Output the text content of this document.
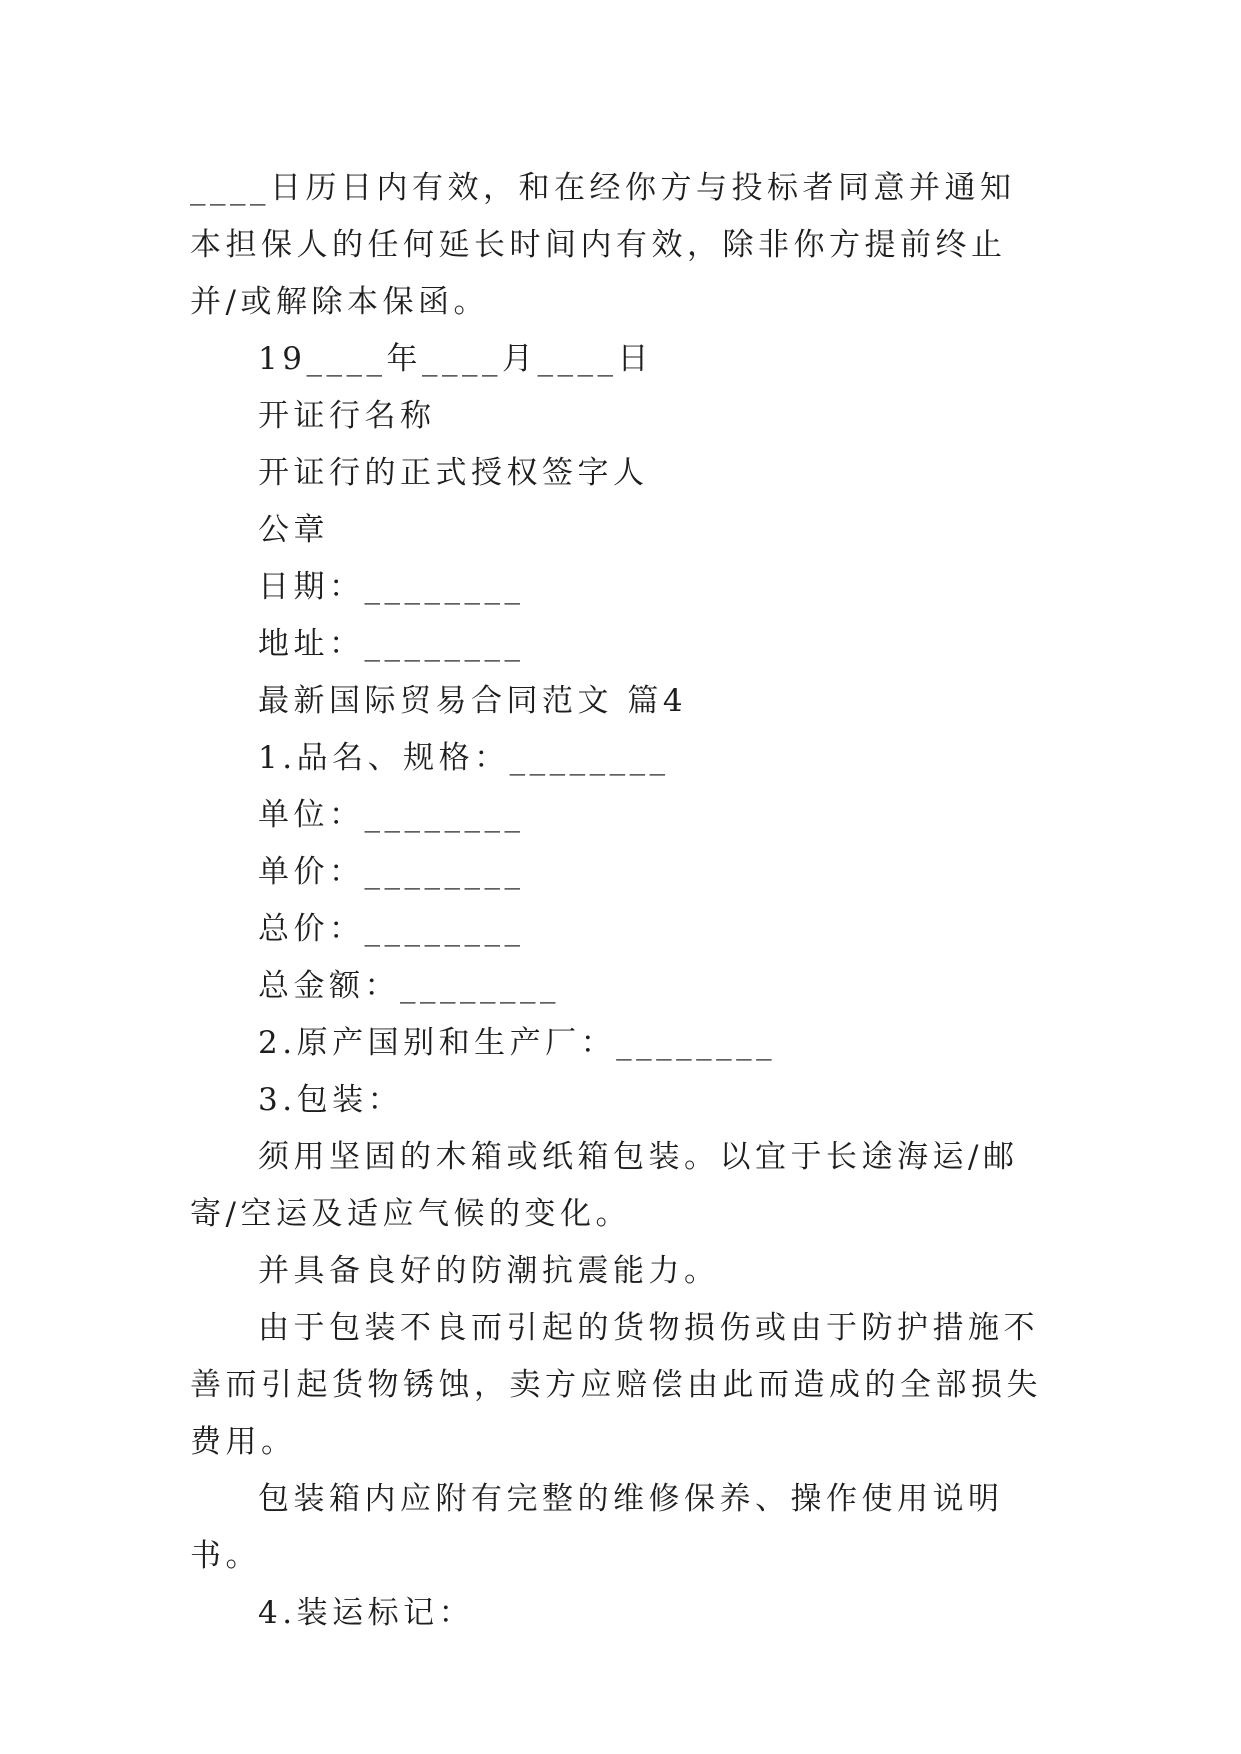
____日历日内有效，和在经你方与投标者同意并通知本担保人的任何延长时间内有效，除非你方提前终止并/或解除本保函。

19____年____月____日

开证行名称

开证行的正式授权签字人

公章

日期：________

地址：________

最新国际贸易合同范文 篇4

1.品名、规格：________

单位：________

单价：________

总价：________

总金额：________

2.原产国别和生产厂：________

3.包装：

须用坚固的木箱或纸箱包装。以宜于长途海运/邮寄/空运及适应气候的变化。

并具备良好的防潮抗震能力。

由于包装不良而引起的货物损伤或由于防护措施不善而引起货物锈蚀，卖方应赔偿由此而造成的全部损失费用。

包装箱内应附有完整的维修保养、操作使用说明书。

4.装运标记：
